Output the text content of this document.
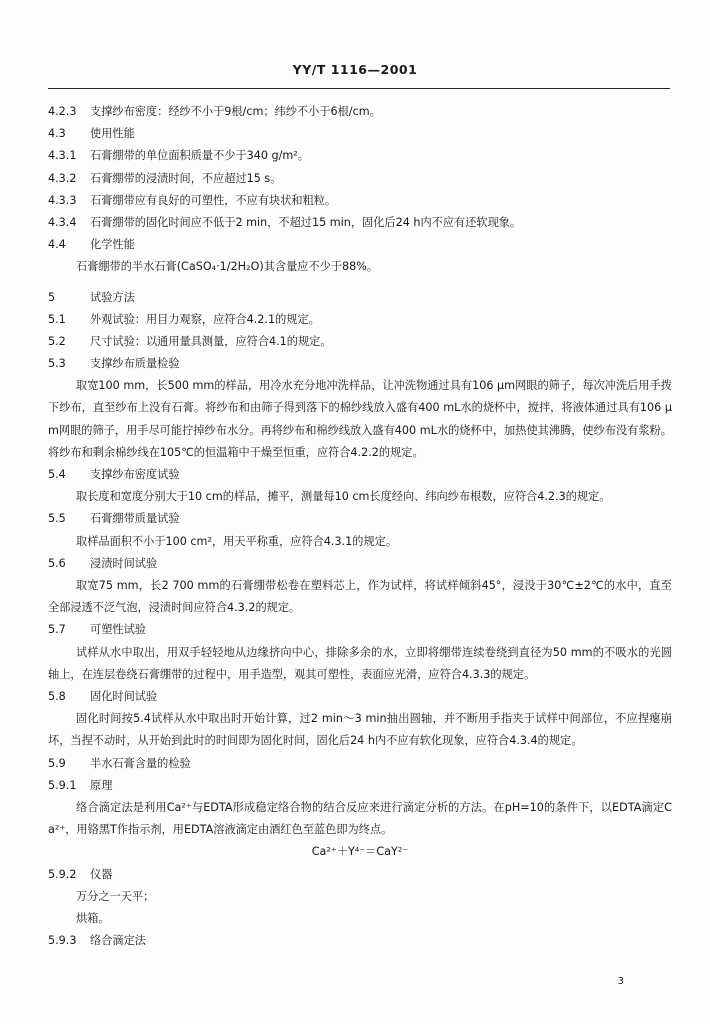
YY/T 1116—2001
4.2.3 支撑纱布密度：经纱不小于9根/cm；纬纱不小于6根/cm。
4.3 使用性能
4.3.1 石膏绷带的单位面积质量不少于340 g/m²。
4.3.2 石膏绷带的浸渍时间，不应超过15 s。
4.3.3 石膏绷带应有良好的可塑性，不应有块状和粗粒。
4.3.4 石膏绷带的固化时间应不低于2 min，不超过15 min，固化后24 h内不应有还软现象。
4.4 化学性能
石膏绷带的半水石膏(CaSO₄·1/2H₂O)其含量应不少于88%。
5	试验方法
5.1 外观试验：用目力观察，应符合4.2.1的规定。
5.2 尺寸试验：以通用量具测量，应符合4.1的规定。
5.3 支撑纱布质量检验
取宽100 mm，长500 mm的样品，用冷水充分地冲洗样品，让冲洗物通过具有106 μm网眼的筛子，每次冲洗后用手拨下纱布，直至纱布上没有石膏。将纱布和由筛子得到落下的棉纱线放入盛有400 mL水的烧杯中，搅拌，将液体通过具有106 μm网眼的筛子，用手尽可能拧掉纱布水分。再将纱布和棉纱线放入盛有400 mL水的烧杯中，加热使其沸腾，使纱布没有浆粉。将纱布和剩余棉纱线在105℃的恒温箱中干燥至恒重，应符合4.2.2的规定。
5.4 支撑纱布密度试验
取长度和宽度分别大于10 cm的样品，摊平，测量每10 cm长度经向、纬向纱布根数，应符合4.2.3的规定。
5.5 石膏绷带质量试验
取样品面积不小于100 cm²，用天平称重，应符合4.3.1的规定。
5.6 浸渍时间试验
取宽75 mm，长2 700 mm的石膏绷带松卷在塑料芯上，作为试样，将试样倾斜45°，浸没于30℃±2℃的水中，直至全部浸透不泛气泡，浸渍时间应符合4.3.2的规定。
5.7 可塑性试验
试样从水中取出，用双手轻轻地从边缘挤向中心，排除多余的水，立即将绷带连续卷绕到直径为50 mm的不吸水的光圆轴上，在连层卷绕石膏绷带的过程中，用手造型，观其可塑性，表面应光滑，应符合4.3.3的规定。
5.8 固化时间试验
固化时间按5.4试样从水中取出时开始计算，过2 min～3 min抽出圆轴，并不断用手指夹于试样中间部位，不应捏瘪崩坏，当捏不动时，从开始到此时的时间即为固化时间，固化后24 h内不应有软化现象，应符合4.3.4的规定。
5.9 半水石膏含量的检验
5.9.1 原理
络合滴定法是利用Ca²⁺与EDTA形成稳定络合物的结合反应来进行滴定分析的方法。在pH=10的条件下，以EDTA滴定Ca²⁺，用铬黑T作指示剂，用EDTA溶液滴定由酒红色至蓝色即为终点。
Ca²⁺＋Y⁴⁻＝CaY²⁻
5.9.2 仪器
万分之一天平；
烘箱。
5.9.3 络合滴定法
3
